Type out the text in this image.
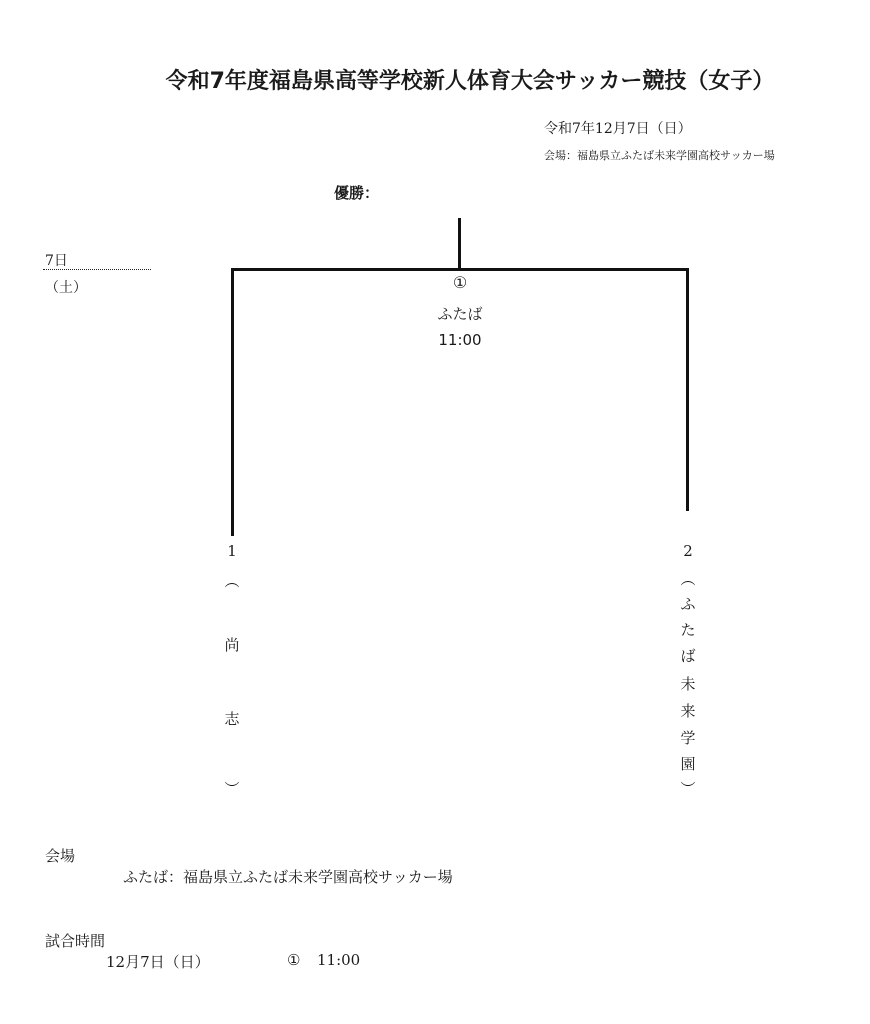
令和7年度福島県高等学校新人体育大会サッカー競技（女子）
令和7年12月7日（日）
会場：福島県立ふたば未来学園高校サッカー場
優勝：
7日
（土）	①
ふたば
11:00
1
︵
尚
志
︶
2
︵
ふ
た
ば
未
来
学
園
︶
会場
ふたば：福島県立ふたば未来学園高校サッカー場
試合時間
12月7日（日）	① 11:00
